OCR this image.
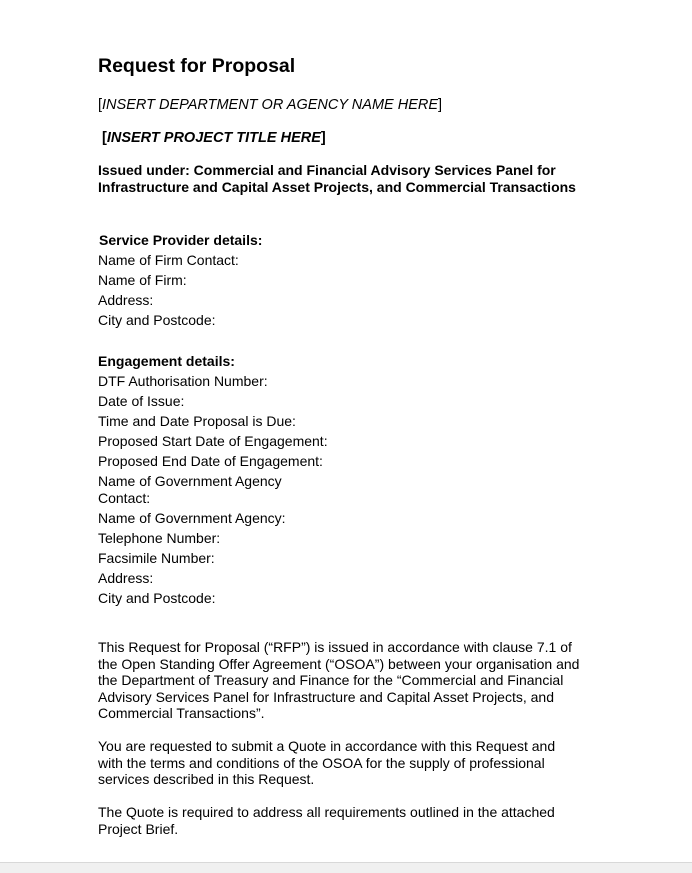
Request for Proposal

[INSERT DEPARTMENT OR AGENCY NAME HERE]

[INSERT PROJECT TITLE HERE]

Issued under: Commercial and Financial Advisory Services Panel for
Infrastructure and Capital Asset Projects, and Commercial Transactions
Service Provider details:
Name of Firm Contact:
Name of Firm:
Address:
City and Postcode:
Engagement details:
DTF Authorisation Number:
Date of Issue:
Time and Date Proposal is Due:
Proposed Start Date of Engagement:
Proposed End Date of Engagement:
Name of Government Agency Contact:
Name of Government Agency:
Telephone Number:
Facsimile Number:
Address:
City and Postcode:

This Request for Proposal (“RFP”) is issued in accordance with clause 7.1 of
the Open Standing Offer Agreement (“OSOA”) between your organisation and
the Department of Treasury and Finance for the “Commercial and Financial
Advisory Services Panel for Infrastructure and Capital Asset Projects, and
Commercial Transactions”.

You are requested to submit a Quote in accordance with this Request and
with the terms and conditions of the OSOA for the supply of professional
services described in this Request.

The Quote is required to address all requirements outlined in the attached
Project Brief.
